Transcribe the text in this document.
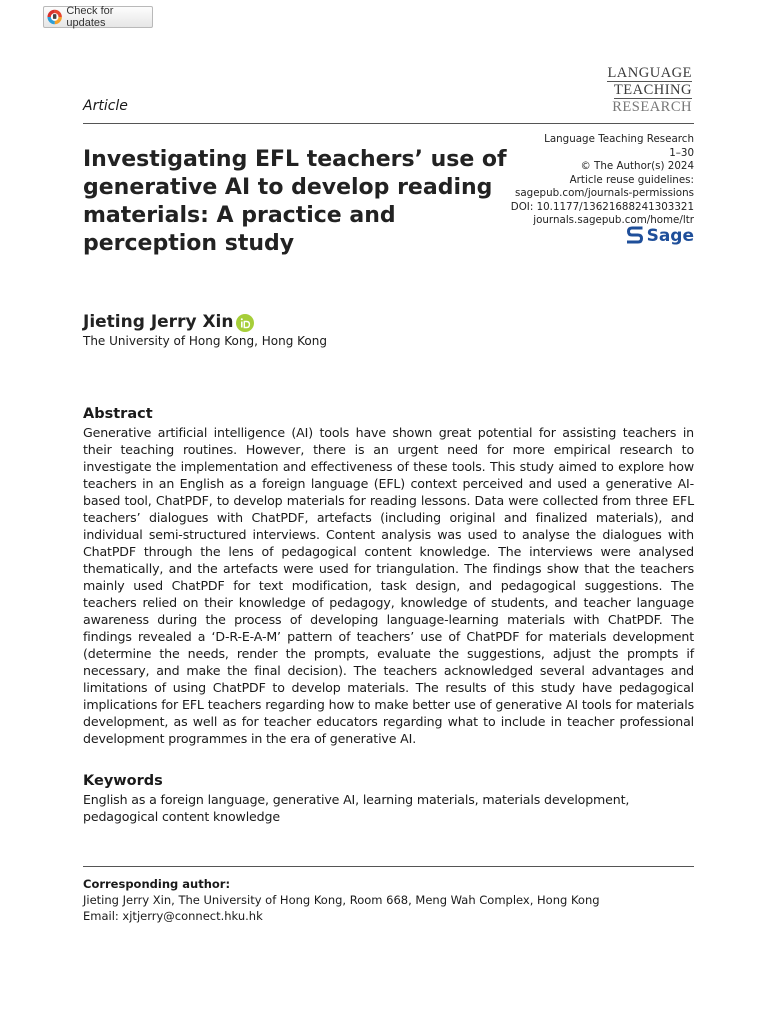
Check for updates
LANGUAGE
TEACHING
RESEARCH
Article
Investigating EFL teachers’ use of generative AI to develop reading materials: A practice and perception study
Language Teaching Research
1–30
© The Author(s) 2024
Article reuse guidelines:
sagepub.com/journals-permissions
DOI: 10.1177/13621688241303321
journals.sagepub.com/home/ltr
Sage
Jieting Jerry Xin
The University of Hong Kong, Hong Kong
Abstract

Generative artificial intelligence (AI) tools have shown great potential for assisting teachers in their teaching routines. However, there is an urgent need for more empirical research to investigate the implementation and effectiveness of these tools. This study aimed to explore how teachers in an English as a foreign language (EFL) context perceived and used a generative AI-based tool, ChatPDF, to develop materials for reading lessons. Data were collected from three EFL teachers’ dialogues with ChatPDF, artefacts (including original and finalized materials), and individual semi-structured interviews. Content analysis was used to analyse the dialogues with ChatPDF through the lens of pedagogical content knowledge. The interviews were analysed thematically, and the artefacts were used for triangulation. The findings show that the teachers mainly used ChatPDF for text modification, task design, and pedagogical suggestions. The teachers relied on their knowledge of pedagogy, knowledge of students, and teacher language awareness during the process of developing language-learning materials with ChatPDF. The findings revealed a ‘D-R-E-A-M’ pattern of teachers’ use of ChatPDF for materials development (determine the needs, render the prompts, evaluate the suggestions, adjust the prompts if necessary, and make the final decision). The teachers acknowledged several advantages and limitations of using ChatPDF to develop materials. The results of this study have pedagogical implications for EFL teachers regarding how to make better use of generative AI tools for materials development, as well as for teacher educators regarding what to include in teacher professional development programmes in the era of generative AI.

Keywords

English as a foreign language, generative AI, learning materials, materials development, pedagogical content knowledge

Corresponding author:
Jieting Jerry Xin, The University of Hong Kong, Room 668, Meng Wah Complex, Hong Kong
Email: xjtjerry@connect.hku.hk
